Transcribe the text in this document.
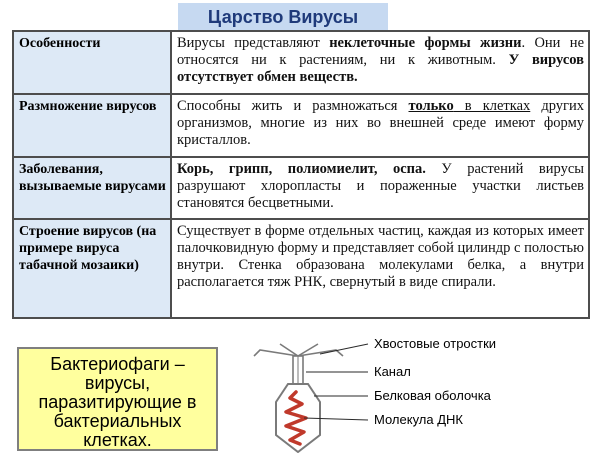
Царство Вирусы
Особенности	Вирусы представляют неклеточные формы жизни. Они не относятся ни к растениям, ни к животным. У вирусов отсутствует обмен веществ.
Размножение вирусов	Способны жить и размножаться только в клетках других организмов, многие из них во внешней среде имеют форму кристаллов.
Заболевания, вызываемые вирусами	Корь, грипп, полиомиелит, оспа. У растений вирусы разрушают хлоропласты и пораженные участки листьев становятся бесцветными.
Строение вирусов (на примере вируса табачной мозаики)	Существует в форме отдельных частиц, каждая из которых имеет палочковидную форму и представляет собой цилиндр с полостью внутри. Стенка образована молекулами белка, а внутри располагается тяж РНК, свернутый в виде спирали.
Бактериофаги – вирусы, паразитирующие в бактериальных клетках.
Хвостовые отростки
Канал
Белковая оболочка
Молекула ДНК
